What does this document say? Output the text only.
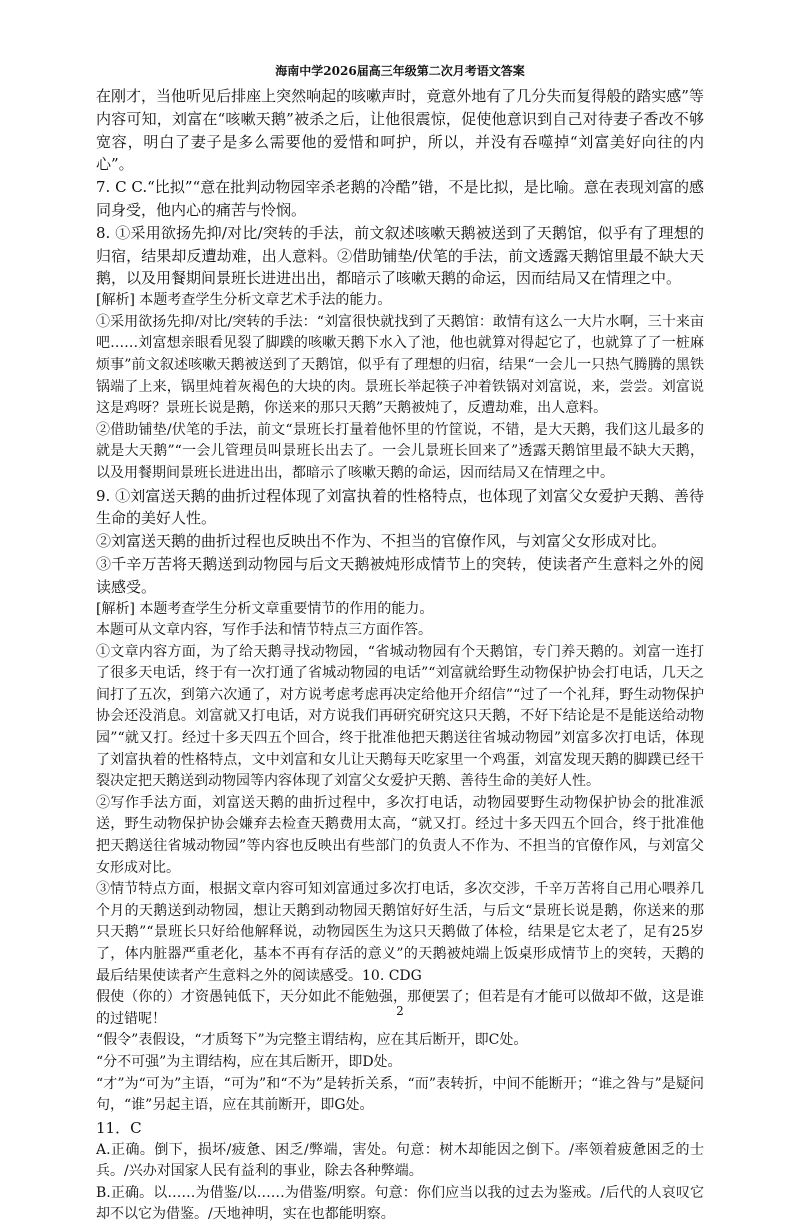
海南中学2026届高三年级第二次月考语文答案

在刚才，当他听见后排座上突然响起的咳嗽声时，竟意外地有了几分失而复得般的踏实感”等内容可知，刘富在“咳嗽天鹅”被杀之后，让他很震惊，促使他意识到自己对待妻子香改不够宽容，明白了妻子是多么需要他的爱惜和呵护，所以，并没有吞噬掉“刘富美好向往的内心”。

7. C C.“比拟”“意在批判动物园宰杀老鹅的冷酷”错，不是比拟，是比喻。意在表现刘富的感同身受，他内心的痛苦与怜悯。

8. ①采用欲扬先抑/对比/突转的手法，前文叙述咳嗽天鹅被送到了天鹅馆，似乎有了理想的归宿，结果却反遭劫难，出人意料。②借助铺垫/伏笔的手法，前文透露天鹅馆里最不缺大天鹅，以及用餐期间景班长进进出出，都暗示了咳嗽天鹅的命运，因而结局又在情理之中。

[解析] 本题考查学生分析文章艺术手法的能力。

①采用欲扬先抑/对比/突转的手法：“刘富很快就找到了天鹅馆：敢情有这么一大片水啊，三十来亩吧……刘富想亲眼看见裂了脚蹼的咳嗽天鹅下水入了池，他也就算对得起它了，也就算了了一桩麻烦事”前文叙述咳嗽天鹅被送到了天鹅馆，似乎有了理想的归宿，结果“一会儿一只热气腾腾的黑铁锅端了上来，锅里炖着灰褐色的大块的肉。景班长举起筷子冲着铁锅对刘富说，来，尝尝。刘富说这是鸡呀？景班长说是鹅，你送来的那只天鹅”天鹅被炖了，反遭劫难，出人意料。

②借助铺垫/伏笔的手法，前文“景班长打量着他怀里的竹筐说，不错，是大天鹅，我们这儿最多的就是大天鹅”“一会儿管理员叫景班长出去了。一会儿景班长回来了”透露天鹅馆里最不缺大天鹅，以及用餐期间景班长进进出出，都暗示了咳嗽天鹅的命运，因而结局又在情理之中。

9. ①刘富送天鹅的曲折过程体现了刘富执着的性格特点，也体现了刘富父女爱护天鹅、善待生命的美好人性。

②刘富送天鹅的曲折过程也反映出不作为、不担当的官僚作风，与刘富父女形成对比。

③千辛万苦将天鹅送到动物园与后文天鹅被炖形成情节上的突转，使读者产生意料之外的阅读感受。

[解析] 本题考查学生分析文章重要情节的作用的能力。

本题可从文章内容，写作手法和情节特点三方面作答。

①文章内容方面，为了给天鹅寻找动物园，“省城动物园有个天鹅馆，专门养天鹅的。刘富一连打了很多天电话，终于有一次打通了省城动物园的电话”“刘富就给野生动物保护协会打电话，几天之间打了五次，到第六次通了，对方说考虑考虑再决定给他开介绍信”“过了一个礼拜，野生动物保护协会还没消息。刘富就又打电话，对方说我们再研究研究这只天鹅，不好下结论是不是能送给动物园”“就又打。经过十多天四五个回合，终于批准他把天鹅送往省城动物园”刘富多次打电话，体现了刘富执着的性格特点，文中刘富和女儿让天鹅每天吃家里一个鸡蛋，刘富发现天鹅的脚蹼已经干裂决定把天鹅送到动物园等内容体现了刘富父女爱护天鹅、善待生命的美好人性。

②写作手法方面，刘富送天鹅的曲折过程中，多次打电话，动物园要野生动物保护协会的批准派送，野生动物保护协会嫌弃去检查天鹅费用太高，“就又打。经过十多天四五个回合，终于批准他把天鹅送往省城动物园”等内容也反映出有些部门的负责人不作为、不担当的官僚作风，与刘富父女形成对比。

③情节特点方面，根据文章内容可知刘富通过多次打电话，多次交涉，千辛万苦将自己用心喂养几个月的天鹅送到动物园，想让天鹅到动物园天鹅馆好好生活，与后文“景班长说是鹅，你送来的那只天鹅”“景班长只好给他解释说，动物园医生为这只天鹅做了体检，结果是它太老了，足有25岁了，体内脏器严重老化，基本不再有存活的意义”的天鹅被炖端上饭桌形成情节上的突转，天鹅的最后结果使读者产生意料之外的阅读感受。10. CDG

假使（你的）才资愚钝低下，天分如此不能勉强，那便罢了；但若是有才能可以做却不做，这是谁的过错呢！

“假令”表假设，“才质驽下”为完整主谓结构，应在其后断开，即C处。

“分不可强”为主谓结构，应在其后断开，即D处。

“才”为“可为”主语，“可为”和“不为”是转折关系，“而”表转折，中间不能断开；“谁之咎与”是疑问句，“谁”另起主语，应在其前断开，即G处。

11．C

A.正确。倒下，损坏/疲惫、困乏/弊端，害处。句意：树木却能因之倒下。/率领着疲惫困乏的士兵。/兴办对国家人民有益利的事业，除去各种弊端。

B.正确。以……为借鉴/以……为借鉴/明察。句意：你们应当以我的过去为鉴戒。/后代的人哀叹它却不以它为借鉴。/天地神明，实在也都能明察。

2
